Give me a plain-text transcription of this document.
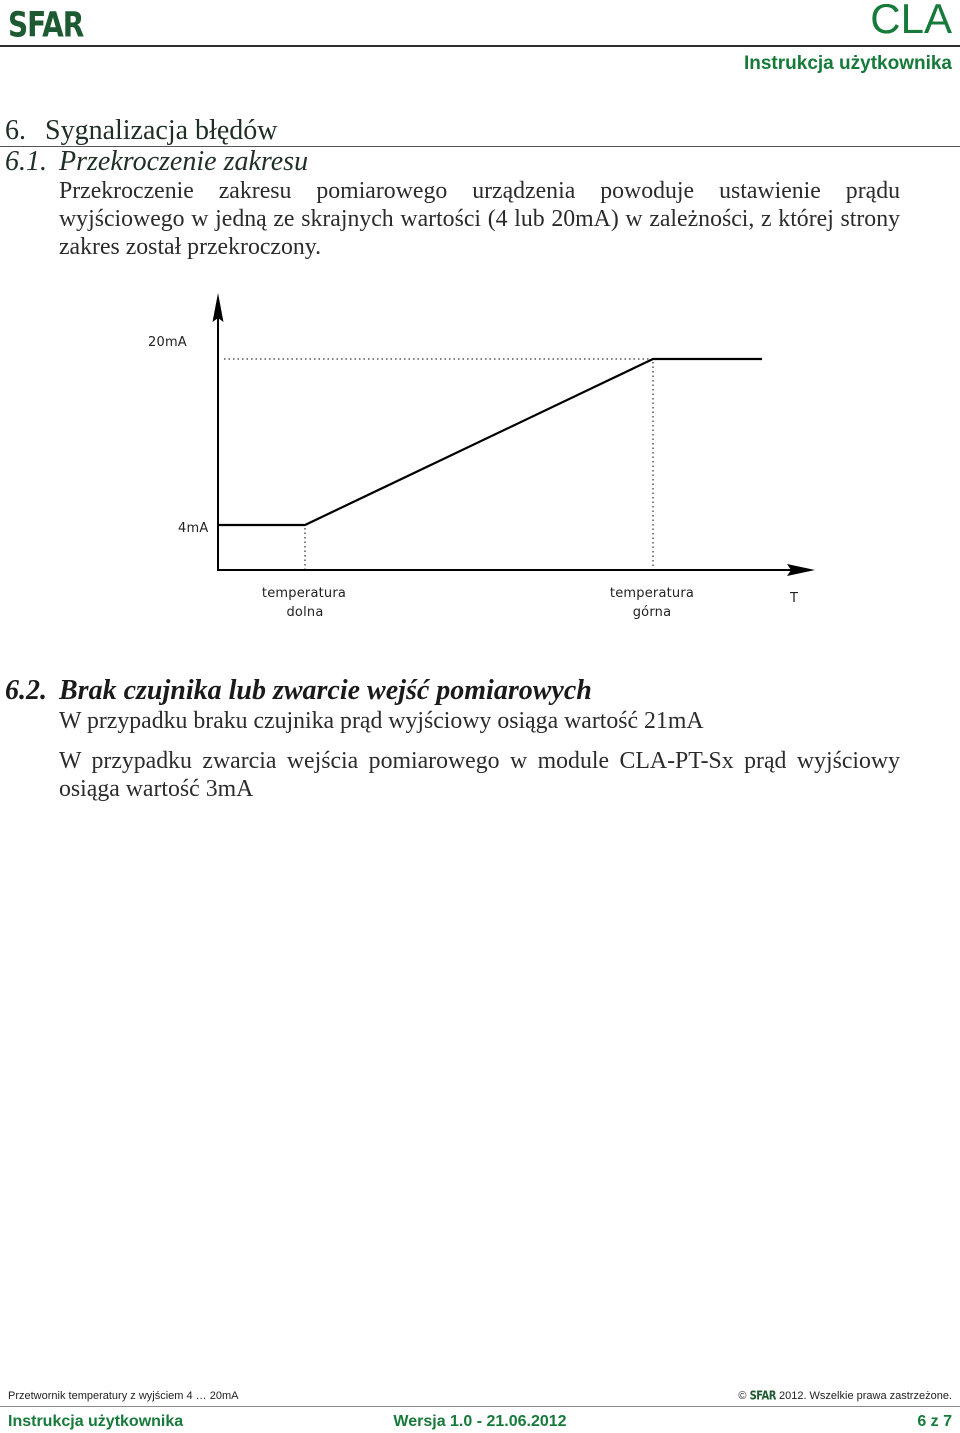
SFAR	CLA
Instrukcja użytkownika
6. Sygnalizacja błędów
6.1. Przekroczenie zakresu
Przekroczenie zakresu pomiarowego urządzenia powoduje ustawienie prądu
wyjściowego w jedną ze skrajnych wartości (4 lub 20mA) w zależności, z której strony
zakres został przekroczony.
20mA
4mA
temperatura
dolna
temperatura
górna
T
6.2. Brak czujnika lub zwarcie wejść pomiarowych
W przypadku braku czujnika prąd wyjściowy osiąga wartość 21mA
W przypadku zwarcia wejścia pomiarowego w module CLA-PT-Sx prąd wyjściowy
osiąga wartość 3mA
Przetwornik temperatury z wyjściem 4 … 20mA	© SFAR 2012. Wszelkie prawa zastrzeżone.
Instrukcja użytkownika	Wersja 1.0 - 21.06.2012	6 z 7
